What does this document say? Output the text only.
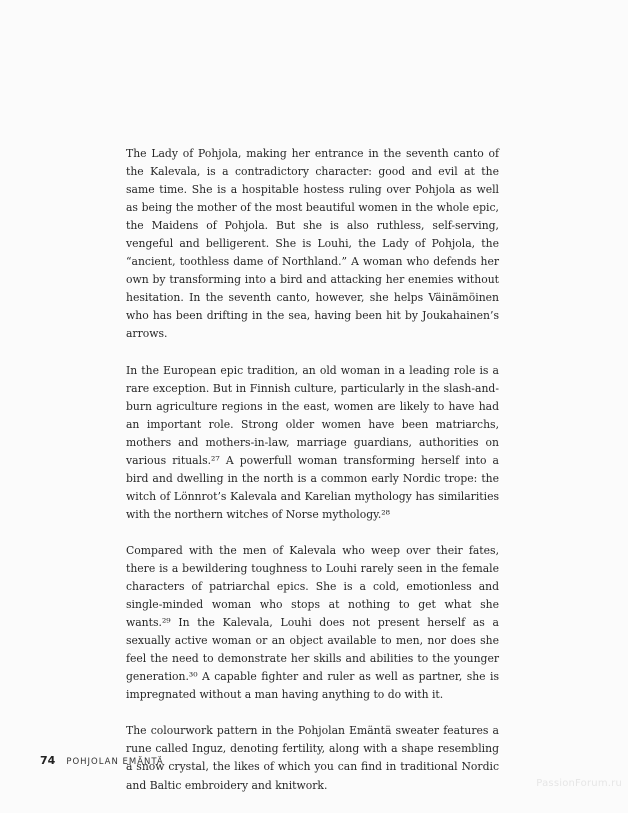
The Lady of Pohjola, making her entrance in the seventh canto of the Kalevala, is a contradictory character: good and evil at the same time. She is a hospitable hostess ruling over Pohjola as well as being the mother of the most beautiful women in the whole epic, the Maidens of Pohjola. But she is also ruthless, self-serving, vengeful and belligerent. She is Louhi, the Lady of Pohjola, the “ancient, toothless dame of Northland.” A woman who defends her own by transforming into a bird and attacking her enemies without hesitation. In the seventh canto, however, she helps Väinämöinen who has been drifting in the sea, having been hit by Joukahainen’s arrows.

In the European epic tradition, an old woman in a leading role is a rare exception. But in Finnish culture, particularly in the slash-and-burn agriculture regions in the east, women are likely to have had an important role. Strong older women have been matriarchs, mothers and mothers-in-law, marriage guardians, authorities on various rituals.²⁷ A powerfull woman transforming herself into a bird and dwelling in the north is a common early Nordic trope: the witch of Lönnrot’s Kalevala and Karelian mythology has similarities with the northern witches of Norse mythology.²⁸

Compared with the men of Kalevala who weep over their fates, there is a bewildering toughness to Louhi rarely seen in the female characters of patriarchal epics. She is a cold, emotionless and single-minded woman who stops at nothing to get what she wants.²⁹ In the Kalevala, Louhi does not present herself as a sexually active woman or an object available to men, nor does she feel the need to demonstrate her skills and abilities to the younger generation.³⁰ A capable fighter and ruler as well as partner, she is impregnated without a man having anything to do with it.

The colourwork pattern in the Pohjolan Emäntä sweater features a rune called Inguz, denoting fertility, along with a shape resembling a snow crystal, the likes of which you can find in traditional Nordic and Baltic embroidery and knitwork.

74 POHJOLAN EMÄNTÄ
PassionForum.ru
